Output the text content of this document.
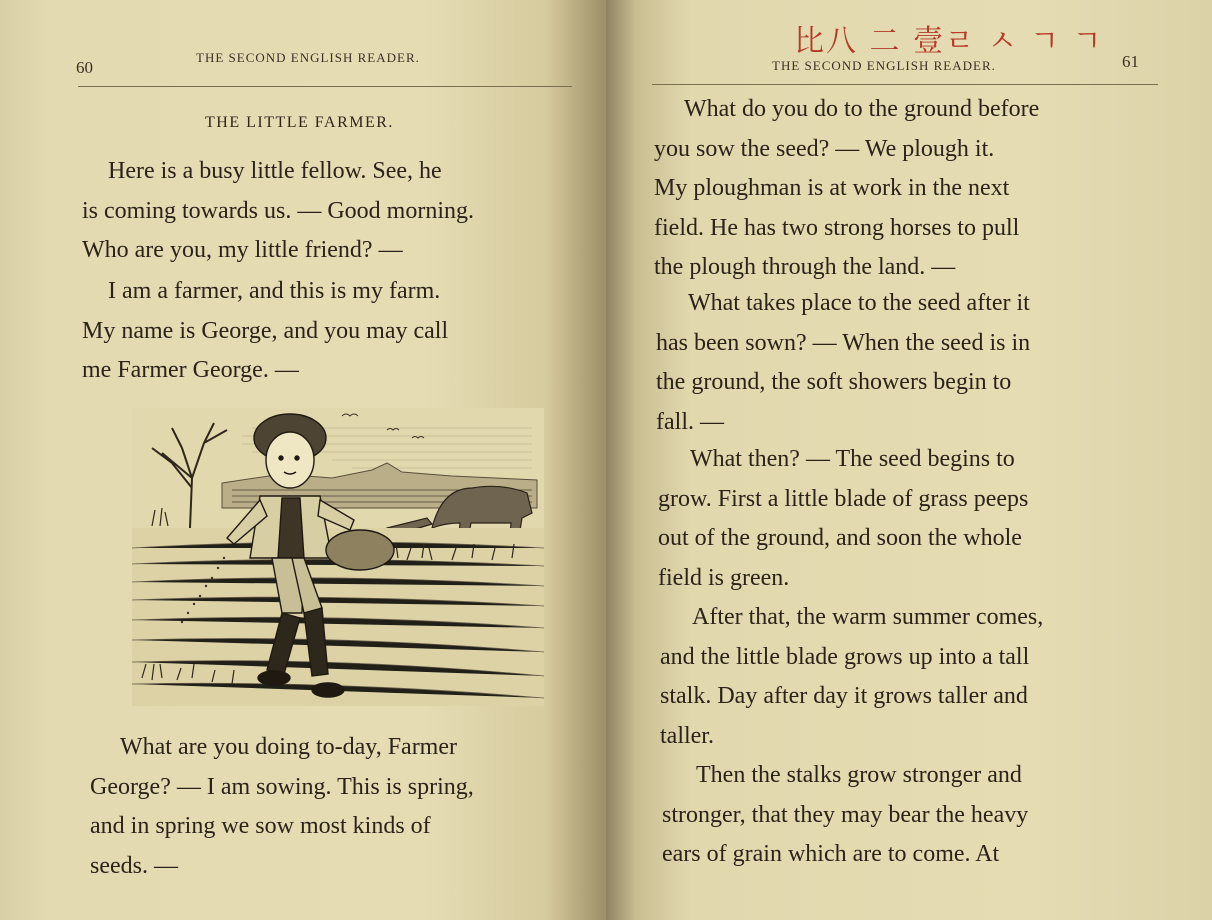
60
THE SECOND ENGLISH READER.
THE LITTLE FARMER.
Here is a busy little fellow. See, he
is coming towards us. — Good morning.
Who are you, my little friend? —
I am a farmer, and this is my farm.
My name is George, and you may call
me Farmer George. —
What are you doing to-day, Farmer
George? — I am sowing. This is spring,
and in spring we sow most kinds of
seeds. —
THE SECOND ENGLISH READER.	61
What do you do to the ground before
you sow the seed? — We plough it.
My ploughman is at work in the next
field. He has two strong horses to pull
the plough through the land. —
What takes place to the seed after it
has been sown? — When the seed is in
the ground, the soft showers begin to
fall. —
What then? — The seed begins to
grow. First a little blade of grass peeps
out of the ground, and soon the whole
field is green.
After that, the warm summer comes,
and the little blade grows up into a tall
stalk. Day after day it grows taller and
taller.
Then the stalks grow stronger and
stronger, that they may bear the heavy
ears of grain which are to come. At
比八 二 壹ㄹ ㅅ ㄱ ㄱ
